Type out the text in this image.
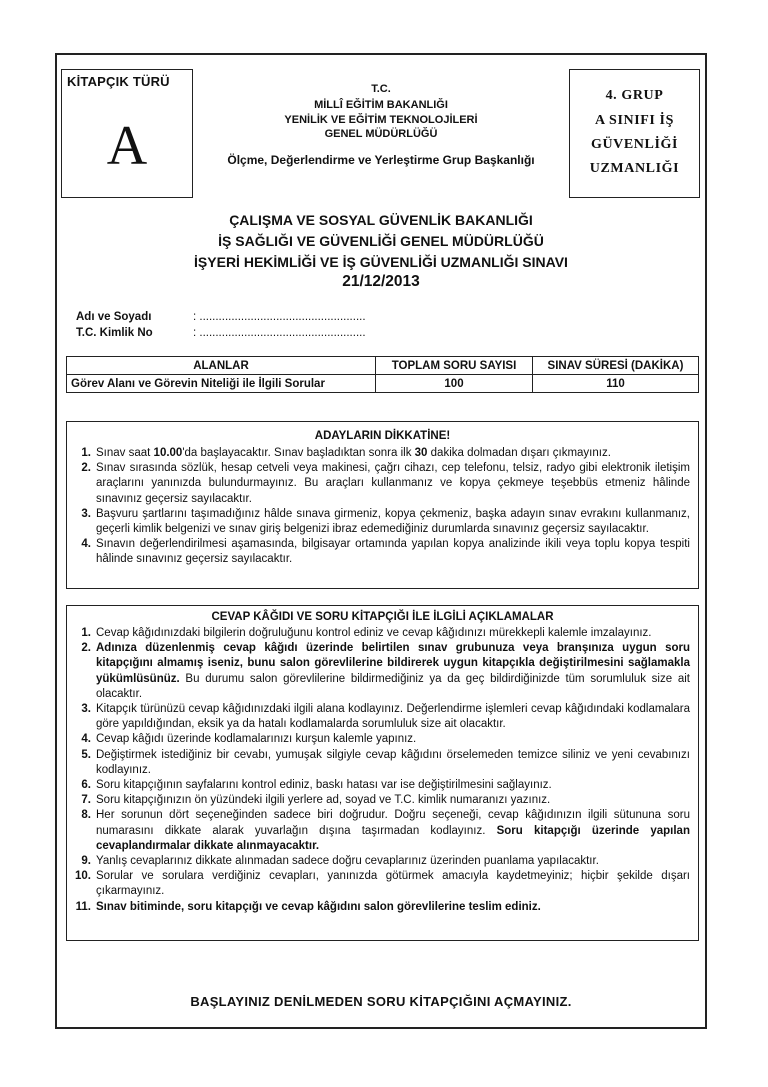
KİTAPÇIK TÜRÜ
A
T.C.
MİLLÎ EĞİTİM BAKANLIĞI
YENİLİK VE EĞİTİM TEKNOLOJİLERİ
GENEL MÜDÜRLÜĞÜ
Ölçme, Değerlendirme ve Yerleştirme Grup Başkanlığı
4. GRUP
A SINIFI İŞ
GÜVENLİĞİ
UZMANLIĞI
ÇALIŞMA VE SOSYAL GÜVENLİK BAKANLIĞI
İŞ SAĞLIĞI VE GÜVENLİĞİ GENEL MÜDÜRLÜĞÜ
İŞYERİ HEKİMLİĞİ VE İŞ GÜVENLİĞİ UZMANLIĞI SINAVI
21/12/2013
Adı ve Soyadı	: ....................................................
T.C. Kimlik No	: ....................................................
ALANLAR	TOPLAM SORU SAYISI	SINAV SÜRESİ (DAKİKA)
Görev Alanı ve Görevin Niteliği ile İlgili Sorular	100	110
ADAYLARIN DİKKATİNE!
1. Sınav saat 10.00'da başlayacaktır. Sınav başladıktan sonra ilk 30 dakika dolmadan dışarı çıkmayınız.
2. Sınav sırasında sözlük, hesap cetveli veya makinesi, çağrı cihazı, cep telefonu, telsiz, radyo gibi elektronik iletişim araçlarını yanınızda bulundurmayınız. Bu araçları kullanmanız ve kopya çekmeye teşebbüs etmeniz hâlinde sınavınız geçersiz sayılacaktır.
3. Başvuru şartlarını taşımadığınız hâlde sınava girmeniz, kopya çekmeniz, başka adayın sınav evrakını kullanmanız, geçerli kimlik belgenizi ve sınav giriş belgenizi ibraz edemediğiniz durumlarda sınavınız geçersiz sayılacaktır.
4. Sınavın değerlendirilmesi aşamasında, bilgisayar ortamında yapılan kopya analizinde ikili veya toplu kopya tespiti hâlinde sınavınız geçersiz sayılacaktır.
CEVAP KÂĞIDI VE SORU KİTAPÇIĞI İLE İLGİLİ AÇIKLAMALAR
1. Cevap kâğıdınızdaki bilgilerin doğruluğunu kontrol ediniz ve cevap kâğıdınızı mürekkepli kalemle imzalayınız.
2. Adınıza düzenlenmiş cevap kâğıdı üzerinde belirtilen sınav grubunuza veya branşınıza uygun soru kitapçığını almamış iseniz, bunu salon görevlilerine bildirerek uygun kitapçıkla değiştirilmesini sağlamakla yükümlüsünüz. Bu durumu salon görevlilerine bildirmediğiniz ya da geç bildirdiğinizde tüm sorumluluk size ait olacaktır.
3. Kitapçık türünüzü cevap kâğıdınızdaki ilgili alana kodlayınız. Değerlendirme işlemleri cevap kâğıdındaki kodlamalara göre yapıldığından, eksik ya da hatalı kodlamalarda sorumluluk size ait olacaktır.
4. Cevap kâğıdı üzerinde kodlamalarınızı kurşun kalemle yapınız.
5. Değiştirmek istediğiniz bir cevabı, yumuşak silgiyle cevap kâğıdını örselemeden temizce siliniz ve yeni cevabınızı kodlayınız.
6. Soru kitapçığının sayfalarını kontrol ediniz, baskı hatası var ise değiştirilmesini sağlayınız.
7. Soru kitapçığınızın ön yüzündeki ilgili yerlere ad, soyad ve T.C. kimlik numaranızı yazınız.
8. Her sorunun dört seçeneğinden sadece biri doğrudur. Doğru seçeneği, cevap kâğıdınızın ilgili sütununa soru numarasını dikkate alarak yuvarlağın dışına taşırmadan kodlayınız. Soru kitapçığı üzerinde yapılan cevaplandırmalar dikkate alınmayacaktır.
9. Yanlış cevaplarınız dikkate alınmadan sadece doğru cevaplarınız üzerinden puanlama yapılacaktır.
10. Sorular ve sorulara verdiğiniz cevapları, yanınızda götürmek amacıyla kaydetmeyiniz; hiçbir şekilde dışarı çıkarmayınız.
11. Sınav bitiminde, soru kitapçığı ve cevap kâğıdını salon görevlilerine teslim ediniz.
BAŞLAYINIZ DENİLMEDEN SORU KİTAPÇIĞINI AÇMAYINIZ.
